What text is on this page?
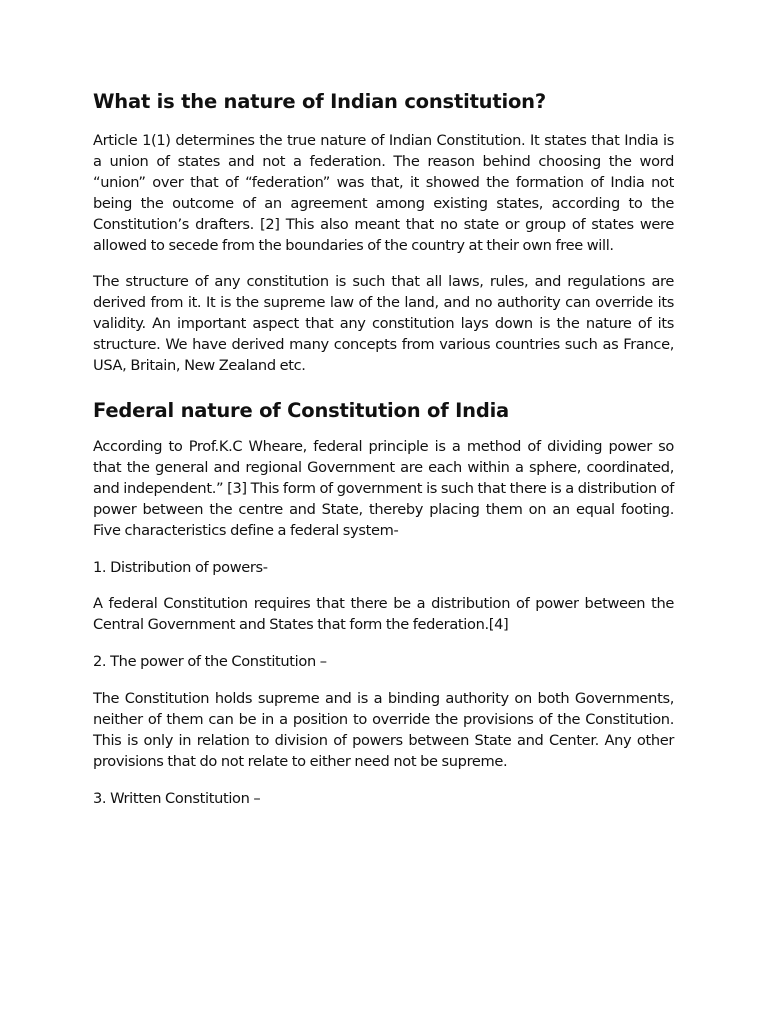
What is the nature of Indian constitution?

Article 1(1) determines the true nature of Indian Constitution. It states that India is a union of states and not a federation. The reason behind choosing the word “union” over that of “federation” was that, it showed the formation of India not being the outcome of an agreement among existing states, according to the Constitution’s drafters. [2] This also meant that no state or group of states were allowed to secede from the boundaries of the country at their own free will.

The structure of any constitution is such that all laws, rules, and regulations are derived from it. It is the supreme law of the land, and no authority can override its validity. An important aspect that any constitution lays down is the nature of its structure. We have derived many concepts from various countries such as France, USA, Britain, New Zealand etc.

Federal nature of Constitution of India

According to Prof.K.C Wheare, federal principle is a method of dividing power so that the general and regional Government are each within a sphere, coordinated, and independent.” [3] This form of government is such that there is a distribution of power between the centre and State, thereby placing them on an equal footing. Five characteristics define a federal system-

1. Distribution of powers-

A federal Constitution requires that there be a distribution of power between the Central Government and States that form the federation.[4]

2. The power of the Constitution –

The Constitution holds supreme and is a binding authority on both Governments, neither of them can be in a position to override the provisions of the Constitution. This is only in relation to division of powers between State and Center. Any other provisions that do not relate to either need not be supreme.

3. Written Constitution –
